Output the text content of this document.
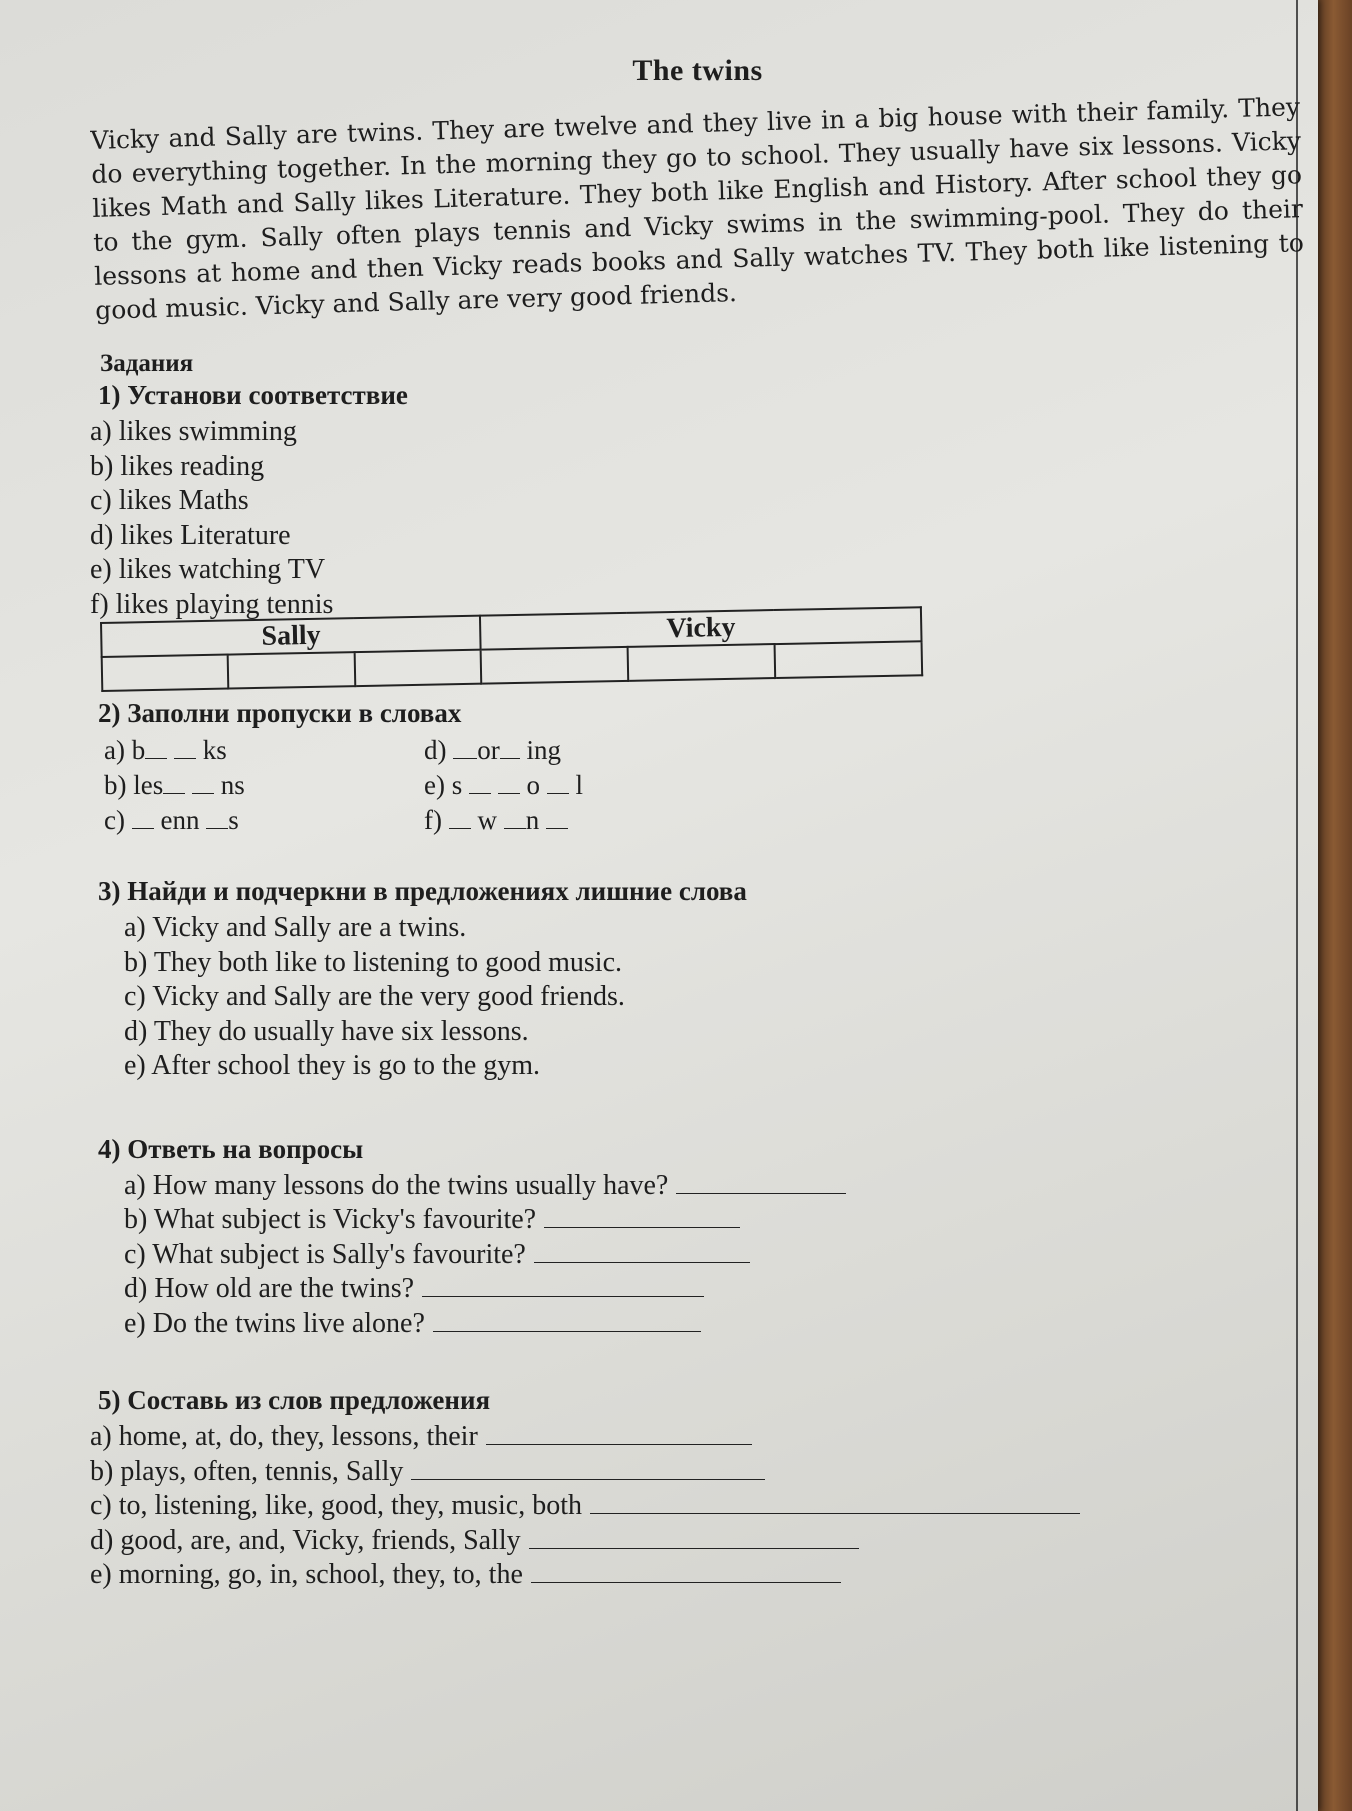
The twins

Vicky and Sally are twins. They are twelve and they live in a big house with their family. They do everything together. In the morning they go to school. They usually have six lessons. Vicky likes Math and Sally likes Literature. They both like English and History. After school they go to the gym. Sally often plays tennis and Vicky swims in the swimming-pool. They do their lessons at home and then Vicky reads books and Sally watches TV. They both like listening to good music. Vicky and Sally are very good friends.

Задания
1) Установи соответствие
a) likes swimming
b) likes reading
c) likes Maths
d) likes Literature
e) likes watching TV
f) likes playing tennis
Sally			Vicky		

2) Заполни пропуски в словах
a) b ks	d) or ing
b) les ns	e) s o l
c) enn s	f) w n
3) Найди и подчеркни в предложениях лишние слова
a) Vicky and Sally are a twins.
b) They both like to listening to good music.
c) Vicky and Sally are the very good friends.
d) They do usually have six lessons.
e) After school they is go to the gym.
4) Ответь на вопросы
a) How many lessons do the twins usually have?
b) What subject is Vicky's favourite?
c) What subject is Sally's favourite?
d) How old are the twins?
e) Do the twins live alone?
5) Составь из слов предложения
a) home, at, do, they, lessons, their
b) plays, often, tennis, Sally
c) to, listening, like, good, they, music, both
d) good, are, and, Vicky, friends, Sally
e) morning, go, in, school, they, to, the
